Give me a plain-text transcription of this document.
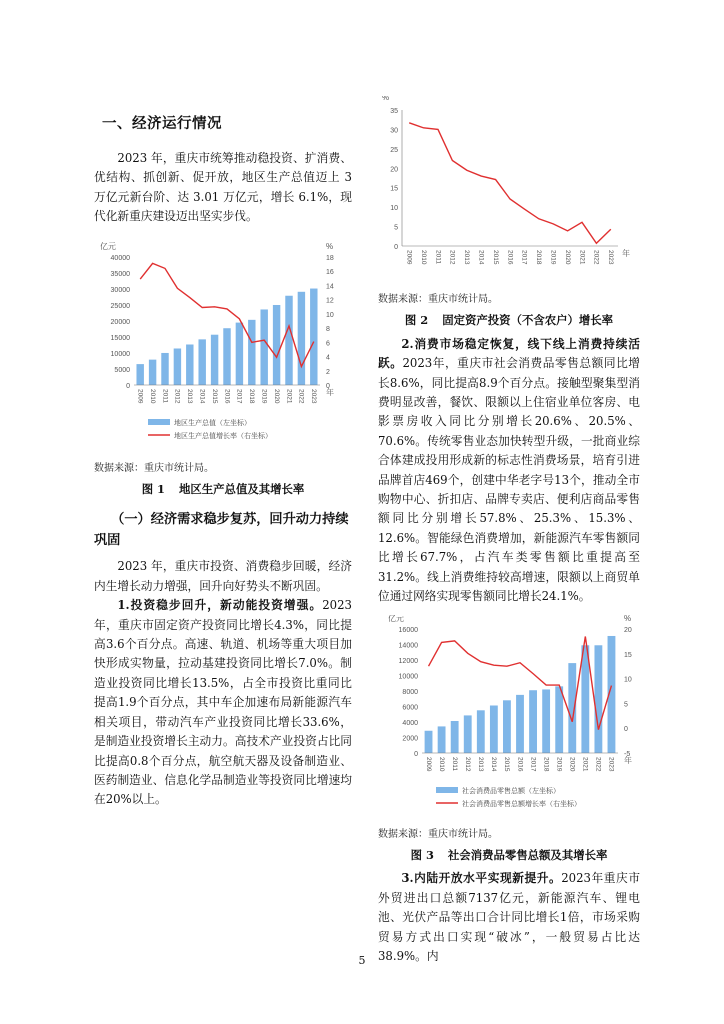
一、经济运行情况

2023 年，重庆市统筹推动稳投资、扩消费、优结构、抓创新、促开放，地区生产总值迈上 3 万亿元新台阶、达 3.01 万亿元，增长 6.1%，现代化新重庆建设迈出坚实步伐。

亿元	%
0
5000
10000
15000
20000
25000
30000
35000
40000
0
2
4
6
8
10
12
14
16
18
2009 2010 2011 2012 2013 2014 2015 2016 2017 2018 2019 2020 2021 2022 2023 年
地区生产总值（左坐标）
地区生产总值增长率（右坐标）

数据来源：重庆市统计局。

图 1 地区生产总值及其增长率

（一）经济需求稳步复苏，回升动力持续巩固

2023 年，重庆市投资、消费稳步回暖，经济内生增长动力增强，回升向好势头不断巩固。

1.投资稳步回升，新动能投资增强。2023年，重庆市固定资产投资同比增长4.3%，同比提高3.6个百分点。高速、轨道、机场等重大项目加快形成实物量，拉动基建投资同比增长7.0%。制造业投资同比增长13.5%，占全市投资比重同比提高1.9个百分点，其中车企加速布局新能源汽车相关项目，带动汽车产业投资同比增长33.6%，是制造业投资增长主动力。高技术产业投资占比同比提高0.8个百分点，航空航天器及设备制造业、医药制造业、信息化学品制造业等投资同比增速均在20%以上。

%
0
5
10
15
20
25
30
35
2009 2010 2011 2012 2013 2014 2015 2016 2017 2018 2019 2020 2021 2022 2023 年

数据来源：重庆市统计局。

图 2 固定资产投资（不含农户）增长率

2.消费市场稳定恢复，线下线上消费持续活跃。2023年，重庆市社会消费品零售总额同比增长8.6%，同比提高8.9个百分点。接触型聚集型消费明显改善，餐饮、限额以上住宿业单位客房、电影票房收入同比分别增长20.6%、20.5%、70.6%。传统零售业态加快转型升级，一批商业综合体建成投用形成新的标志性消费场景，培育引进品牌首店469个，创建中华老字号13个，推动全市购物中心、折扣店、品牌专卖店、便利店商品零售额同比分别增长57.8%、25.3%、15.3%、12.6%。智能绿色消费增加，新能源汽车零售额同比增长67.7%，占汽车类零售额比重提高至31.2%。线上消费维持较高增速，限额以上商贸单位通过网络实现零售额同比增长24.1%。

亿元	%
0
2000
4000
6000
8000
10000
12000
14000
16000
-5
0
5
10
15
20
2009 2010 2011 2012 2013 2014 2015 2016 2017 2018 2019 2020 2021 2022 2023 年
社会消费品零售总额（左坐标）
社会消费品零售总额增长率（右坐标）

数据来源：重庆市统计局。

图 3 社会消费品零售总额及其增长率

3.内陆开放水平实现新提升。2023年重庆市外贸进出口总额7137亿元，新能源汽车、锂电池、光伏产品等出口合计同比增长1倍，市场采购贸易方式出口实现“破冰”，一般贸易占比达38.9%。内

5
